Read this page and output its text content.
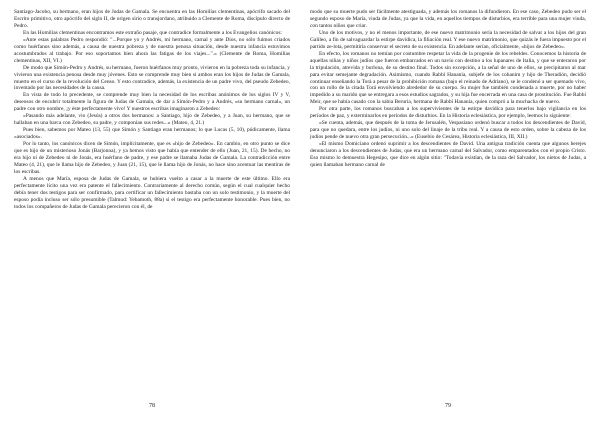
Santiago-Jacobo, su hermano, eran hijos de Judas de Gamala. Se encuentra en las Homilías clementinas, apócrifo sacado del Escrito primitivo, otro apócrifo del siglo II, de origen sirio o transjordano, atribuido a Clemente de Roma, discípulo directo de Pedro.

En las Homilías clementinas encontramos este extraño pasaje, que contradice formalmente a los Evangelios canónicos:

«Ante estas palabras Pedro respondió: "...Porque yo y Andrés, mi hermano, carnal y ante Dios, no sólo fuimos criados como huérfanos sino además, a causa de nuestra pobreza y de nuestra penosa situación, desde nuestra infancia estuvimos acostumbrados al trabajo. Por eso soportamos bien ahora las fatigas de los viajes...".» (Clemente de Roma, Homilías clementinas, XII, VI.)

De modo que Simón-Pedro y Andrés, su hermano, fueron huérfanos muy pronto, vivieron en la pobreza toda su infancia, y vivieron una existencia penosa desde muy jóvenes. Esto se comprende muy bien si ambos eran los hijos de Judas de Gamala, muerto en el curso de la revolución del Censo. Y esto contradice, además, la existencia de un padre vivo, del pseudo Zebedeo, inventado por las necesidades de la causa.

En vista de todo lo precedente, se comprende muy bien la necesidad de los escribas anónimos de los siglos IV y V, deseosos de encubrir totalmente la figura de Judas de Gamala, de dar a Simón-Pedro y a Andrés, «su hermano carnal», un padre con otro nombre, ¡y éste perfectamente vivo! Y nuestros escribas imaginaron a Zebedeo:

«Pasando más adelante, vio (Jesús) a otros dos hermanos: a Santiago, hijo de Zebedeo, y a Juan, su hermano, que se hallaban en una barca con Zebedeo, su padre, y componían sus redes...» (Mateo, 4, 21.)

Pues bien, sabemos por Mateo (13, 55) que Simón y Santiago eran hermanos; lo que Lucas (5, 10), púdicamente, llama «asociados».

Por lo tanto, los canónicos dicen de Simón, implícitamente, que es «hijo de Zebedeo». En cambio, en otro punto se dice que es hijo de un misterioso Jonás (Barjonna), y ya hemos visto que había que entender de ello (Juan, 21, 15). De hecho, no era hijo ni de Zebedeo ni de Jonás, era huérfano de padre, y ese padre se llamaba Judas de Gamala. La contradicción entre Mateo (4, 21), que le llama hijo de Zebedeo, y Juan (21, 15), que le llama hijo de Jonás, no hace sino acentuar las mentiras de los escribas.

A menos que María, esposa de Judas de Gamala, se hubiera vuelto a casar a la muerte de este último. Ello era perfectamente lícito una vez era patente el fallecimiento. Contrariamente al derecho común, según el cual cualquier hecho debía tener dos testigos para ser confirmado, para certificar un fallecimiento bastaba con un solo testimonio, y la muerte del esposo podía incluso ser sólo presumible (Talmud: Yebamoth, 88a) si el testigo era perfectamente honorable. Pues bien, no todos los compañeros de Judas de Gamala perecieron con él, de

78

modo que su muerte pudo ser fácilmente atestiguada, y además los romanos la difundieron. En ese caso, Zebedeo pudo ser el segundo esposo de María, viuda de Judas, ya que la vida, en aquellos tiempos de disturbios, era terrible para una mujer viuda, con tantos niños que criar.

Uno de los motivos, y no el menos importante, de ese nuevo matrimonio sería la necesidad de salvar a los hijos del gran Galileo, a fin de salvaguardar la estirpe davídica, la filiación real. Y ese nuevo matrimonio, que quizás le fuera impuesto por el partido ze-lota, permitiría conservar el secreto de su existencia. En adelante serían, oficialmente, «hijos de Zebedeo».

En efecto, los romanos no temían por costumbre respetar la vida de la progenie de los rebeldes. Conocemos la historia de aquellas niñas y niños judíos que fueron embarcados en un navío con destino a los lupanares de Italia, y que se enteraron por la tripulación, atrevida y burlona, de su destino final. Todos sin excepción, a la señal de uno de ellos, se precipitaron al mar para evitar semejante degradación. Asimismo, cuando Rabbí Hananía, subjefe de los cohanim y hijo de Theradión, decidió continuar enseñando la Torá a pesar de la prohibición romana (bajo el reinado de Adriano), se le condenó a ser quemado vivo, con un rollo de la citada Torá envolviendo alrededor de su cuerpo. Su mujer fue también condenada a muerte, por no haber impedido a su marido que se entregara a esos estudios sagrados, y su hija fue encerrada en una casa de prostitución. Fue Rabbí Meir, que se había casado con la sabia Beruria, hermana de Rabbí Hanania, quien compró a la muchacha de nuevo.

Por otra parte, los romanos buscaban a los supervivientes de la estirpe davídica para tenerlos bajo vigilancia en los períodos de paz, y exterminarlos en períodos de disturbios. En la Historia eclesiástica, por ejemplo, leemos lo siguiente:

«Se cuenta, además, que después de la toma de Jerusalén, Vespasiano ordenó buscar a todos los descendientes de David, para que no quedara, entre los judíos, ni uno solo del linaje de la tribu real. Y a causa de esto orden, sobre la cabeza de los judíos pende de nuevo otra gran persecución...» (Eusebio de Cesárea, Historia eclesiástica, III, XII.)

«El mismo Domiciano ordenó suprimir a los descendientes de David. Una antigua tradición cuenta que algunos herejes denunciaron a los descendientes de Judas, que era un hermano carnal del Salvador, como emparentados con el propio Cristo. Eso mismo lo demuestra Hegesipo, que dice en algún sitio: "Todavía existían, de la raza del Salvador, los nietos de Judas, a quien llamaban hermano carnal de

79
